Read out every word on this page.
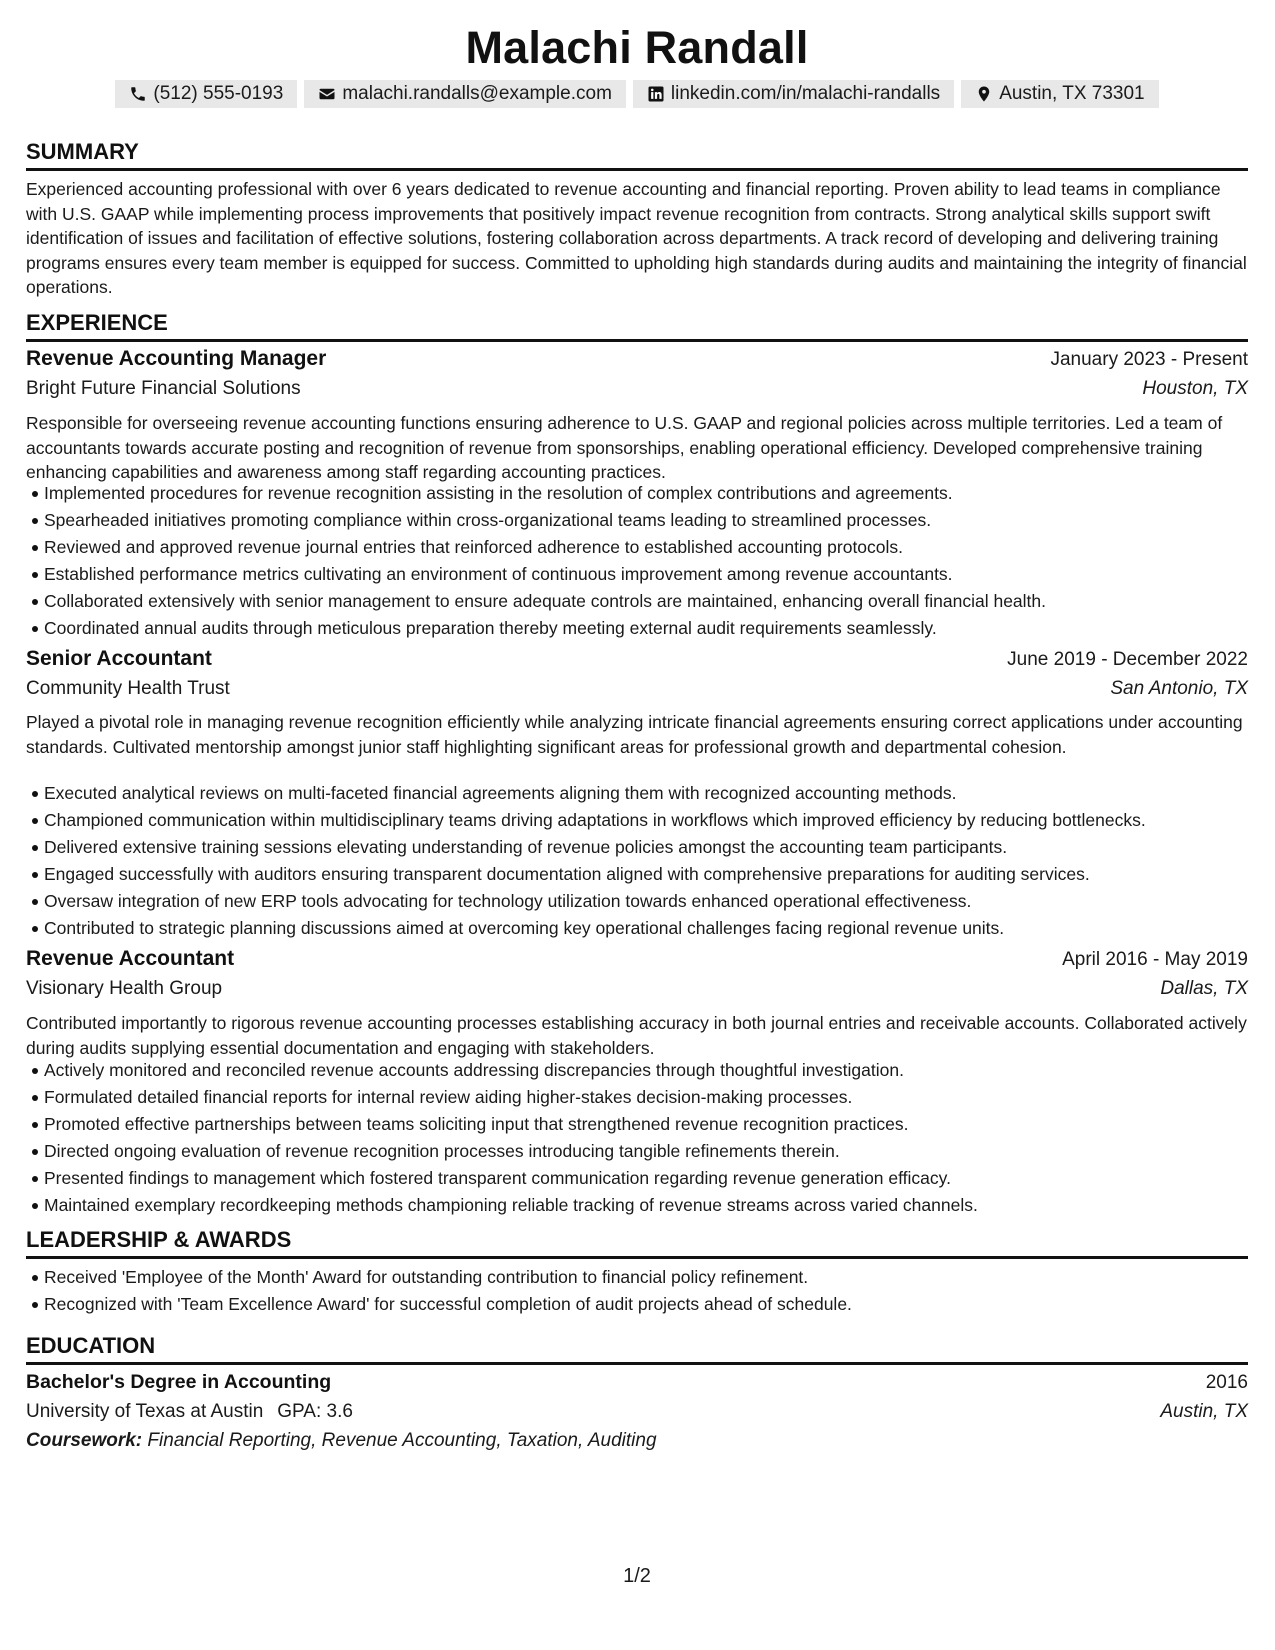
Malachi Randall
(512) 555-0193	malachi.randalls@example.com	linkedin.com/in/malachi-randalls	Austin, TX 73301
SUMMARY
Experienced accounting professional with over 6 years dedicated to revenue accounting and financial reporting. Proven ability to lead teams in compliance with U.S. GAAP while implementing process improvements that positively impact revenue recognition from contracts. Strong analytical skills support swift identification of issues and facilitation of effective solutions, fostering collaboration across departments. A track record of developing and delivering training programs ensures every team member is equipped for success. Committed to upholding high standards during audits and maintaining the integrity of financial operations.
EXPERIENCE
Revenue Accounting Manager	January 2023 - Present
Bright Future Financial Solutions	Houston, TX
Responsible for overseeing revenue accounting functions ensuring adherence to U.S. GAAP and regional policies across multiple territories. Led a team of accountants towards accurate posting and recognition of revenue from sponsorships, enabling operational efficiency. Developed comprehensive training enhancing capabilities and awareness among staff regarding accounting practices.
Implemented procedures for revenue recognition assisting in the resolution of complex contributions and agreements.
Spearheaded initiatives promoting compliance within cross-organizational teams leading to streamlined processes.
Reviewed and approved revenue journal entries that reinforced adherence to established accounting protocols.
Established performance metrics cultivating an environment of continuous improvement among revenue accountants.
Collaborated extensively with senior management to ensure adequate controls are maintained, enhancing overall financial health.
Coordinated annual audits through meticulous preparation thereby meeting external audit requirements seamlessly.
Senior Accountant	June 2019 - December 2022
Community Health Trust	San Antonio, TX
Played a pivotal role in managing revenue recognition efficiently while analyzing intricate financial agreements ensuring correct applications under accounting standards. Cultivated mentorship amongst junior staff highlighting significant areas for professional growth and departmental cohesion.
Executed analytical reviews on multi-faceted financial agreements aligning them with recognized accounting methods.
Championed communication within multidisciplinary teams driving adaptations in workflows which improved efficiency by reducing bottlenecks.
Delivered extensive training sessions elevating understanding of revenue policies amongst the accounting team participants.
Engaged successfully with auditors ensuring transparent documentation aligned with comprehensive preparations for auditing services.
Oversaw integration of new ERP tools advocating for technology utilization towards enhanced operational effectiveness.
Contributed to strategic planning discussions aimed at overcoming key operational challenges facing regional revenue units.
Revenue Accountant	April 2016 - May 2019
Visionary Health Group	Dallas, TX
Contributed importantly to rigorous revenue accounting processes establishing accuracy in both journal entries and receivable accounts. Collaborated actively during audits supplying essential documentation and engaging with stakeholders.
Actively monitored and reconciled revenue accounts addressing discrepancies through thoughtful investigation.
Formulated detailed financial reports for internal review aiding higher-stakes decision-making processes.
Promoted effective partnerships between teams soliciting input that strengthened revenue recognition practices.
Directed ongoing evaluation of revenue recognition processes introducing tangible refinements therein.
Presented findings to management which fostered transparent communication regarding revenue generation efficacy.
Maintained exemplary recordkeeping methods championing reliable tracking of revenue streams across varied channels.
LEADERSHIP & AWARDS
Received 'Employee of the Month' Award for outstanding contribution to financial policy refinement.
Recognized with 'Team Excellence Award' for successful completion of audit projects ahead of schedule.
EDUCATION
Bachelor's Degree in Accounting	2016
University of Texas at Austin GPA: 3.6	Austin, TX
Coursework: Financial Reporting, Revenue Accounting, Taxation, Auditing
1/2
